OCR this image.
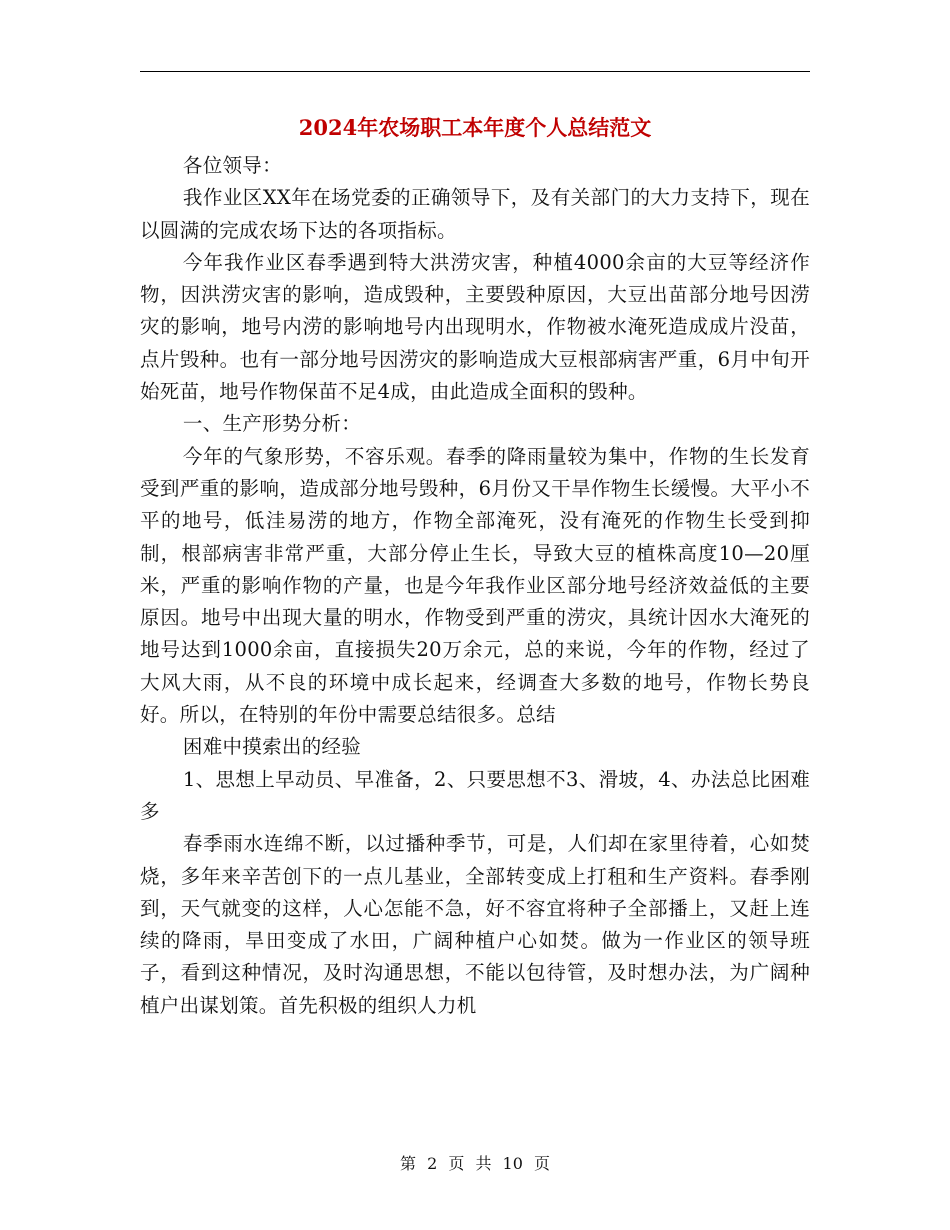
2024年农场职工本年度个人总结范文

各位领导：

我作业区XX年在场党委的正确领导下，及有关部门的大力支持下，现在以圆满的完成农场下达的各项指标。

今年我作业区春季遇到特大洪涝灾害，种植4000余亩的大豆等经济作物，因洪涝灾害的影响，造成毁种，主要毁种原因，大豆出苗部分地号因涝灾的影响，地号内涝的影响地号内出现明水，作物被水淹死造成成片没苗，点片毁种。也有一部分地号因涝灾的影响造成大豆根部病害严重，6月中旬开始死苗，地号作物保苗不足4成，由此造成全面积的毁种。

一、生产形势分析：

今年的气象形势，不容乐观。春季的降雨量较为集中，作物的生长发育受到严重的影响，造成部分地号毁种，6月份又干旱作物生长缓慢。大平小不平的地号，低洼易涝的地方，作物全部淹死，没有淹死的作物生长受到抑制，根部病害非常严重，大部分停止生长，导致大豆的植株高度10—20厘米，严重的影响作物的产量，也是今年我作业区部分地号经济效益低的主要原因。地号中出现大量的明水，作物受到严重的涝灾，具统计因水大淹死的地号达到1000余亩，直接损失20万余元，总的来说，今年的作物，经过了大风大雨，从不良的环境中成长起来，经调查大多数的地号，作物长势良好。所以，在特别的年份中需要总结很多。总结

困难中摸索出的经验

1、思想上早动员、早准备，2、只要思想不3、滑坡，4、办法总比困难多

春季雨水连绵不断，以过播种季节，可是，人们却在家里待着，心如焚烧，多年来辛苦创下的一点儿基业，全部转变成上打租和生产资料。春季刚到，天气就变的这样，人心怎能不急，好不容宜将种子全部播上，又赶上连续的降雨，旱田变成了水田，广阔种植户心如焚。做为一作业区的领导班子，看到这种情况，及时沟通思想，不能以包待管，及时想办法，为广阔种植户出谋划策。首先积极的组织人力机

第 2 页 共 10 页
